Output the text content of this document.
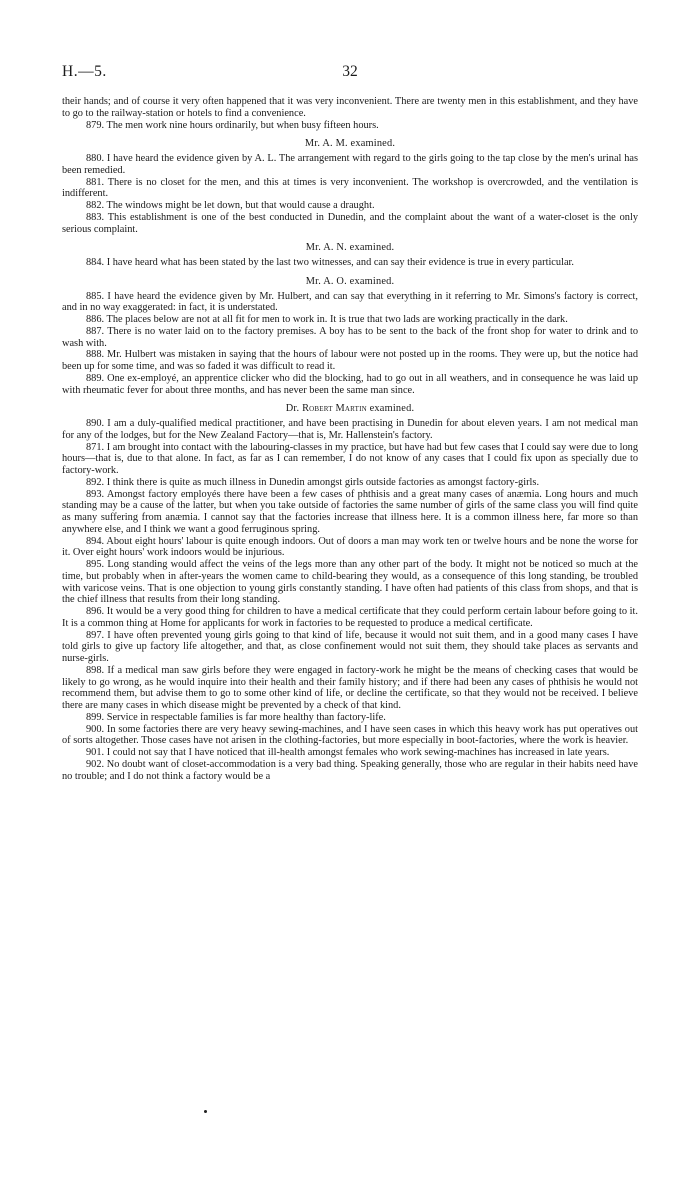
H.—5.	32

their hands; and of course it very often happened that it was very inconvenient. There are twenty men in this establishment, and they have to go to the railway-station or hotels to find a convenience.

879. The men work nine hours ordinarily, but when busy fifteen hours.

Mr. A. M. examined.

880. I have heard the evidence given by A. L. The arrangement with regard to the girls going to the tap close by the men's urinal has been remedied.

881. There is no closet for the men, and this at times is very inconvenient. The workshop is overcrowded, and the ventilation is indifferent.

882. The windows might be let down, but that would cause a draught.

883. This establishment is one of the best conducted in Dunedin, and the complaint about the want of a water-closet is the only serious complaint.

Mr. A. N. examined.

884. I have heard what has been stated by the last two witnesses, and can say their evidence is true in every particular.

Mr. A. O. examined.

885. I have heard the evidence given by Mr. Hulbert, and can say that everything in it referring to Mr. Simons's factory is correct, and in no way exaggerated: in fact, it is understated.

886. The places below are not at all fit for men to work in. It is true that two lads are working practically in the dark.

887. There is no water laid on to the factory premises. A boy has to be sent to the back of the front shop for water to drink and to wash with.

888. Mr. Hulbert was mistaken in saying that the hours of labour were not posted up in the rooms. They were up, but the notice had been up for some time, and was so faded it was difficult to read it.

889. One ex-employé, an apprentice clicker who did the blocking, had to go out in all weathers, and in consequence he was laid up with rheumatic fever for about three months, and has never been the same man since.

Dr. Robert Martin examined.

890. I am a duly-qualified medical practitioner, and have been practising in Dunedin for about eleven years. I am not medical man for any of the lodges, but for the New Zealand Factory—that is, Mr. Hallenstein's factory.

871. I am brought into contact with the labouring-classes in my practice, but have had but few cases that I could say were due to long hours—that is, due to that alone. In fact, as far as I can remember, I do not know of any cases that I could fix upon as specially due to factory-work.

892. I think there is quite as much illness in Dunedin amongst girls outside factories as amongst factory-girls.

893. Amongst factory employés there have been a few cases of phthisis and a great many cases of anæmia. Long hours and much standing may be a cause of the latter, but when you take outside of factories the same number of girls of the same class you will find quite as many suffering from anæmia. I cannot say that the factories increase that illness here. It is a common illness here, far more so than anywhere else, and I think we want a good ferruginous spring.

894. About eight hours' labour is quite enough indoors. Out of doors a man may work ten or twelve hours and be none the worse for it. Over eight hours' work indoors would be injurious.

895. Long standing would affect the veins of the legs more than any other part of the body. It might not be noticed so much at the time, but probably when in after-years the women came to child-bearing they would, as a consequence of this long standing, be troubled with varicose veins. That is one objection to young girls constantly standing. I have often had patients of this class from shops, and that is the chief illness that results from their long standing.

896. It would be a very good thing for children to have a medical certificate that they could perform certain labour before going to it. It is a common thing at Home for applicants for work in factories to be requested to produce a medical certificate.

897. I have often prevented young girls going to that kind of life, because it would not suit them, and in a good many cases I have told girls to give up factory life altogether, and that, as close confinement would not suit them, they should take places as servants and nurse-girls.

898. If a medical man saw girls before they were engaged in factory-work he might be the means of checking cases that would be likely to go wrong, as he would inquire into their health and their family history; and if there had been any cases of phthisis he would not recommend them, but advise them to go to some other kind of life, or decline the certificate, so that they would not be received. I believe there are many cases in which disease might be prevented by a check of that kind.

899. Service in respectable families is far more healthy than factory-life.

900. In some factories there are very heavy sewing-machines, and I have seen cases in which this heavy work has put operatives out of sorts altogether. Those cases have not arisen in the clothing-factories, but more especially in boot-factories, where the work is heavier.

901. I could not say that I have noticed that ill-health amongst females who work sewing-machines has increased in late years.

902. No doubt want of closet-accommodation is a very bad thing. Speaking generally, those who are regular in their habits need have no trouble; and I do not think a factory would be a
